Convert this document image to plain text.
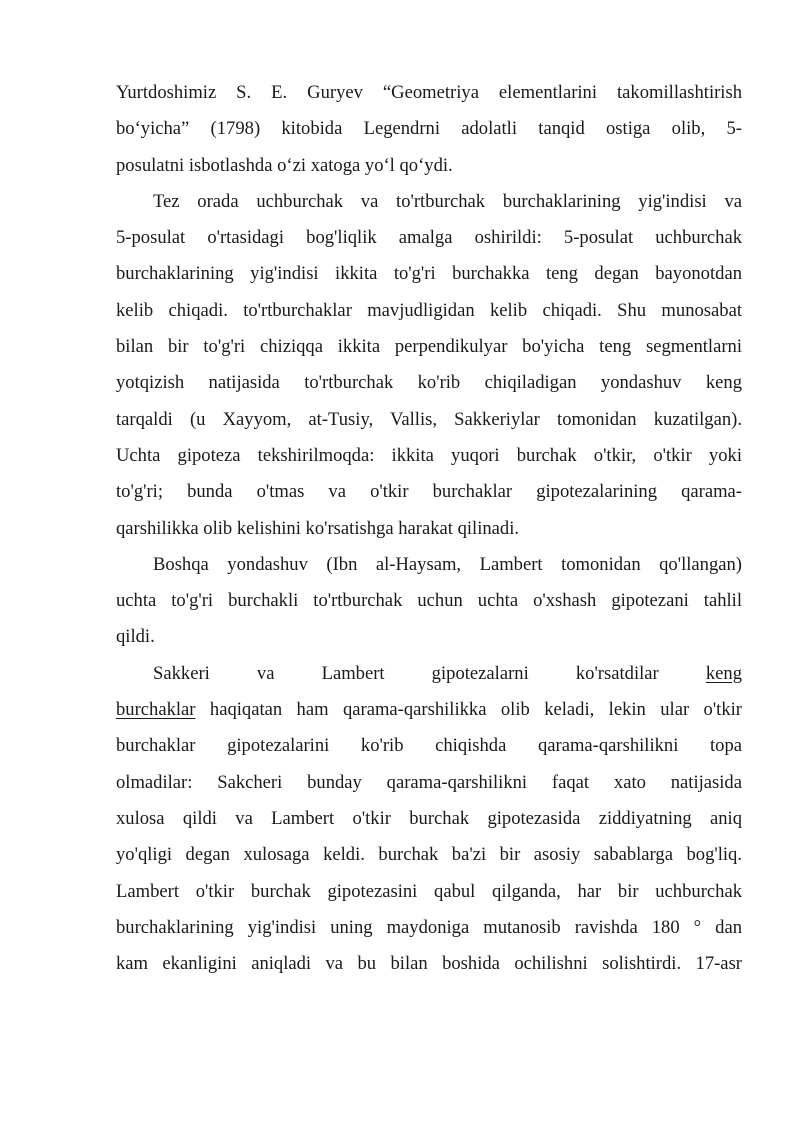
Yurtdoshimiz S. E. Guryev “Geometriya elementlarini takomillashtirish
bo‘yicha” (1798) kitobida Legendrni adolatli tanqid ostiga olib, 5-
posulatni isbotlashda o‘zi xatoga yo‘l qo‘ydi.
Tez orada uchburchak va to'rtburchak burchaklarining yig'indisi va
5-posulat o'rtasidagi bog'liqlik amalga oshirildi: 5-posulat uchburchak
burchaklarining yig'indisi ikkita to'g'ri burchakka teng degan bayonotdan
kelib chiqadi. to'rtburchaklar mavjudligidan kelib chiqadi. Shu munosabat
bilan bir to'g'ri chiziqqa ikkita perpendikulyar bo'yicha teng segmentlarni
yotqizish natijasida to'rtburchak ko'rib chiqiladigan yondashuv keng
tarqaldi (u Xayyom, at-Tusiy, Vallis, Sakkeriylar tomonidan kuzatilgan).
Uchta gipoteza tekshirilmoqda: ikkita yuqori burchak o'tkir, o'tkir yoki
to'g'ri; bunda o'tmas va o'tkir burchaklar gipotezalarining qarama-
qarshilikka olib kelishini ko'rsatishga harakat qilinadi.
Boshqa yondashuv (Ibn al-Haysam, Lambert tomonidan qo'llangan)
uchta to'g'ri burchakli to'rtburchak uchun uchta o'xshash gipotezani tahlil
qildi.
Sakkeri va Lambert gipotezalarni ko'rsatdilar	keng
burchaklar haqiqatan ham qarama-qarshilikka olib keladi, lekin ular o'tkir
burchaklar gipotezalarini ko'rib chiqishda qarama-qarshilikni topa
olmadilar: Sakcheri bunday qarama-qarshilikni faqat xato natijasida
xulosa qildi va Lambert o'tkir burchak gipotezasida ziddiyatning aniq
yo'qligi degan xulosaga keldi. burchak ba'zi bir asosiy sabablarga bog'liq.
Lambert o'tkir burchak gipotezasini qabul qilganda, har bir uchburchak
burchaklarining yig'indisi uning maydoniga mutanosib ravishda 180 ° dan
kam ekanligini aniqladi va bu bilan boshida ochilishni solishtirdi. 17-asr
